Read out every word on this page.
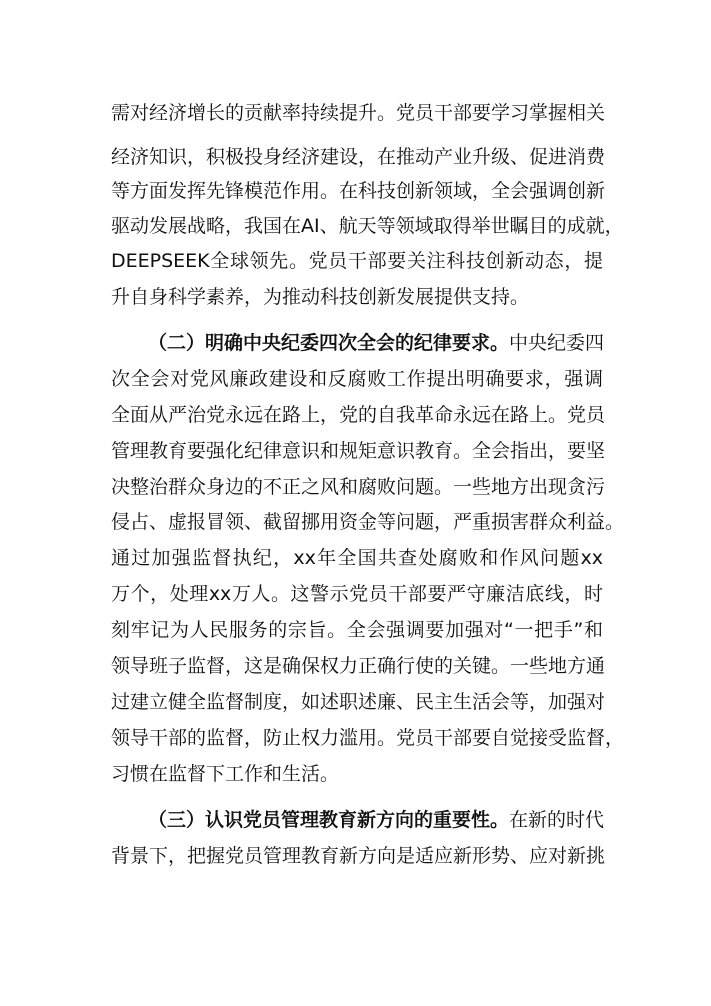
需对经济增长的贡献率持续提升。党员干部要学习掌握相关
经济知识，积极投身经济建设，在推动产业升级、促进消费
等方面发挥先锋模范作用。在科技创新领域，全会强调创新
驱动发展战略，我国在AI、航天等领域取得举世瞩目的成就，
DEEPSEEK全球领先。党员干部要关注科技创新动态，提
升自身科学素养，为推动科技创新发展提供支持。
（二）明确中央纪委四次全会的纪律要求。中央纪委四
次全会对党风廉政建设和反腐败工作提出明确要求，强调
全面从严治党永远在路上，党的自我革命永远在路上。党员
管理教育要强化纪律意识和规矩意识教育。全会指出，要坚
决整治群众身边的不正之风和腐败问题。一些地方出现贪污
侵占、虚报冒领、截留挪用资金等问题，严重损害群众利益。
通过加强监督执纪，xx年全国共查处腐败和作风问题xx
万个，处理xx万人。这警示党员干部要严守廉洁底线，时
刻牢记为人民服务的宗旨。全会强调要加强对“一把手”和
领导班子监督，这是确保权力正确行使的关键。一些地方通
过建立健全监督制度，如述职述廉、民主生活会等，加强对
领导干部的监督，防止权力滥用。党员干部要自觉接受监督，
习惯在监督下工作和生活。
（三）认识党员管理教育新方向的重要性。在新的时代
背景下，把握党员管理教育新方向是适应新形势、应对新挑
